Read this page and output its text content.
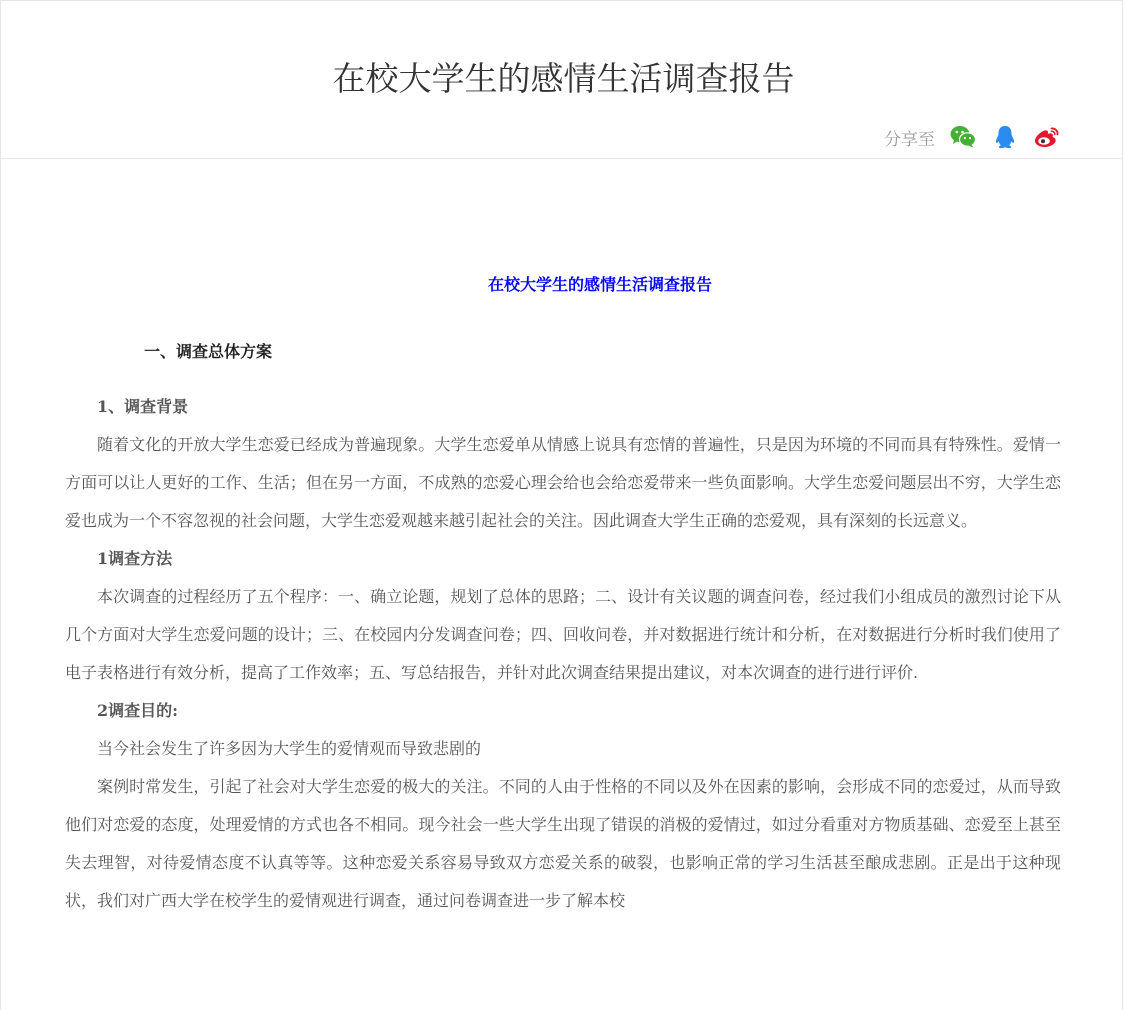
在校大学生的感情生活调查报告
分享至
在校大学生的感情生活调查报告
一、调查总体方案

1、调查背景

随着文化的开放大学生恋爱已经成为普遍现象。大学生恋爱单从情感上说具有恋情的普遍性，只是因为环境的不同而具有特殊性。爱情一方面可以让人更好的工作、生活；但在另一方面，不成熟的恋爱心理会给也会给恋爱带来一些负面影响。大学生恋爱问题层出不穷，大学生恋爱也成为一个不容忽视的社会问题，大学生恋爱观越来越引起社会的关注。因此调查大学生正确的恋爱观，具有深刻的长远意义。

1调查方法

本次调查的过程经历了五个程序：一、确立论题，规划了总体的思路；二、设计有关议题的调查问卷，经过我们小组成员的激烈讨论下从几个方面对大学生恋爱问题的设计；三、在校园内分发调查问卷；四、回收问卷，并对数据进行统计和分析，在对数据进行分析时我们使用了电子表格进行有效分析，提高了工作效率；五、写总结报告，并针对此次调查结果提出建议，对本次调查的进行进行评价.

2调查目的:

当今社会发生了许多因为大学生的爱情观而导致悲剧的

案例时常发生，引起了社会对大学生恋爱的极大的关注。不同的人由于性格的不同以及外在因素的影响，会形成不同的恋爱过，从而导致他们对恋爱的态度，处理爱情的方式也各不相同。现今社会一些大学生出现了错误的消极的爱情过，如过分看重对方物质基础、恋爱至上甚至失去理智，对待爱情态度不认真等等。这种恋爱关系容易导致双方恋爱关系的破裂，也影响正常的学习生活甚至酿成悲剧。正是出于这种现状，我们对广西大学在校学生的爱情观进行调查，通过问卷调查进一步了解本校
